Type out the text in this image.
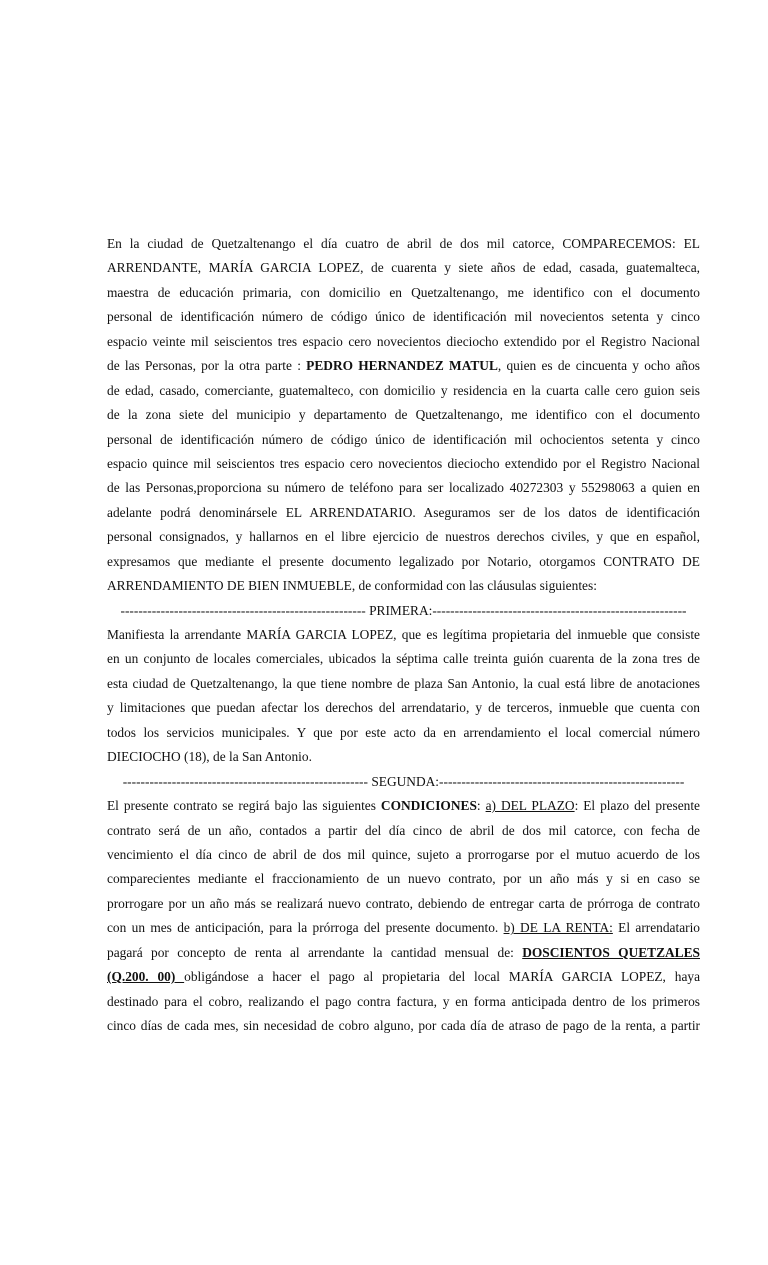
En la ciudad de Quetzaltenango el día cuatro de abril de dos mil catorce, COMPARECEMOS: EL
ARRENDANTE, MARÍA GARCIA LOPEZ, de cuarenta y siete años de edad, casada, guatemalteca,
maestra de educación primaria, con domicilio en Quetzaltenango, me identifico con el documento
personal de identificación número de código único de identificación mil novecientos setenta y cinco
espacio veinte mil seiscientos tres espacio cero novecientos dieciocho extendido por el Registro Nacional
de las Personas, por la otra parte : PEDRO HERNANDEZ MATUL, quien es de cincuenta y ocho años
de edad, casado, comerciante, guatemalteco, con domicilio y residencia en la cuarta calle cero guion seis
de la zona siete del municipio y departamento de Quetzaltenango, me identifico con el documento
personal de identificación número de código único de identificación mil ochocientos setenta y cinco
espacio quince mil seiscientos tres espacio cero novecientos dieciocho extendido por el Registro Nacional
de las Personas,proporciona su número de teléfono para ser localizado 40272303 y 55298063 a quien en
adelante podrá denominársele EL ARRENDATARIO. Aseguramos ser de los datos de identificación
personal consignados, y hallarnos en el libre ejercicio de nuestros derechos civiles, y que en español,
expresamos que mediante el presente documento legalizado por Notario, otorgamos CONTRATO DE
ARRENDAMIENTO DE BIEN INMUEBLE, de conformidad con las cláusulas siguientes:
------------------------------------------------------- PRIMERA:---------------------------------------------------------
Manifiesta la arrendante MARÍA GARCIA LOPEZ, que es legítima propietaria del inmueble que consiste
en un conjunto de locales comerciales, ubicados la séptima calle treinta guión cuarenta de la zona tres de
esta ciudad de Quetzaltenango, la que tiene nombre de plaza San Antonio, la cual está libre de anotaciones
y limitaciones que puedan afectar los derechos del arrendatario, y de terceros, inmueble que cuenta con
todos los servicios municipales. Y que por este acto da en arrendamiento el local comercial número
DIECIOCHO (18), de la San Antonio.
------------------------------------------------------- SEGUNDA:-------------------------------------------------------
El presente contrato se regirá bajo las siguientes CONDICIONES: a) DEL PLAZO: El plazo del presente
contrato será de un año, contados a partir del día cinco de abril de dos mil catorce, con fecha de
vencimiento el día cinco de abril de dos mil quince, sujeto a prorrogarse por el mutuo acuerdo de los
comparecientes mediante el fraccionamiento de un nuevo contrato, por un año más y si en caso se
prorrogare por un año más se realizará nuevo contrato, debiendo de entregar carta de prórroga de contrato
con un mes de anticipación, para la prórroga del presente documento. b) DE LA RENTA: El arrendatario
pagará por concepto de renta al arrendante la cantidad mensual de: DOSCIENTOS QUETZALES
(Q.200. 00) obligándose a hacer el pago al propietaria del local MARÍA GARCIA LOPEZ, haya
destinado para el cobro, realizando el pago contra factura, y en forma anticipada dentro de los primeros
cinco días de cada mes, sin necesidad de cobro alguno, por cada día de atraso de pago de la renta, a partir
